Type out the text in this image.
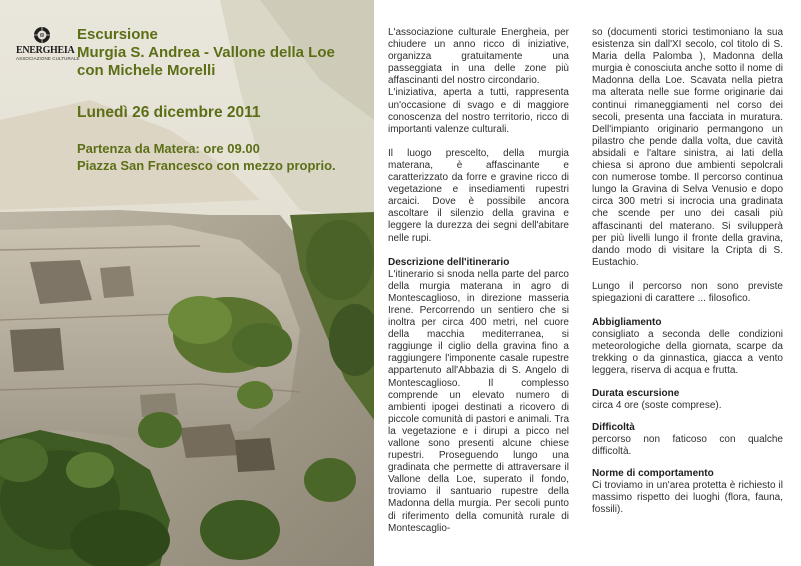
ENERGHEIA
ASSOCIAZIONE CULTURALE
Escursione
Murgia S. Andrea - Vallone della Loe
con Michele Morelli
Lunedì 26 dicembre 2011
Partenza da Matera: ore 09.00
Piazza San Francesco con mezzo proprio.

L'associazione culturale Energheia, per chiudere un anno ricco di iniziative, organizza gratuitamente una passeggiata in una delle zone più affascinanti del nostro circondario.

L'iniziativa, aperta a tutti, rappresenta un'occasione di svago e di maggiore conoscenza del nostro territorio, ricco di importanti valenze culturali.

Il luogo prescelto, della murgia materana, è affascinante e caratterizzato da forre e gravine ricco di vegetazione e insediamenti rupestri arcaici. Dove è possibile ancora ascoltare il silenzio della gravina e leggere la durezza dei segni dell'abitare nelle rupi.

Descrizione dell'itinerario

L'itinerario si snoda nella parte del parco della murgia materana in agro di Montescaglioso, in direzione masseria Irene. Percorrendo un sentiero che si inoltra per circa 400 metri, nel cuore della macchia mediterranea, si raggiunge il ciglio della gravina fino a raggiungere l'imponente casale rupestre appartenuto all'Abbazia di S. Angelo di Montescaglioso. Il complesso comprende un elevato numero di ambienti ipogei destinati a ricovero di piccole comunità di pastori e animali. Tra la vegetazione e i dirupi a picco nel vallone sono presenti alcune chiese rupestri. Proseguendo lungo una gradinata che permette di attraversare il Vallone della Loe, superato il fondo, troviamo il santuario rupestre della Madonna della murgia. Per secoli punto di riferimento della comunità rurale di Montescaglio-

so (documenti storici testimoniano la sua esistenza sin dall'XI secolo, col titolo di S. Maria della Palomba ), Madonna della murgia è conosciuta anche sotto il nome di Madonna della Loe. Scavata nella pietra ma alterata nelle sue forme originarie dai continui rimaneggiamenti nel corso dei secoli, presenta una facciata in muratura. Dell'impianto originario permangono un pilastro che pende dalla volta, due cavità absidali e l'altare sinistra, ai lati della chiesa si aprono due ambienti sepolcrali con numerose tombe. Il percorso continua lungo la Gravina di Selva Venusio e dopo circa 300 metri si incrocia una gradinata che scende per uno dei casali più affascinanti del materano. Si svilupperà per più livelli lungo il fronte della gravina, dando modo di visitare la Cripta di S. Eustachio.

Lungo il percorso non sono previste spiegazioni di carattere ... filosofico.

Abbigliamento

consigliato a seconda delle condizioni meteorologiche della giornata, scarpe da trekking o da ginnastica, giacca a vento leggera, riserva di acqua e frutta.

Durata escursione

circa 4 ore (soste comprese).

Difficoltà

percorso non faticoso con qualche difficoltà.

Norme di comportamento

Ci troviamo in un'area protetta è richiesto il massimo rispetto dei luoghi (flora, fauna, fossili).
